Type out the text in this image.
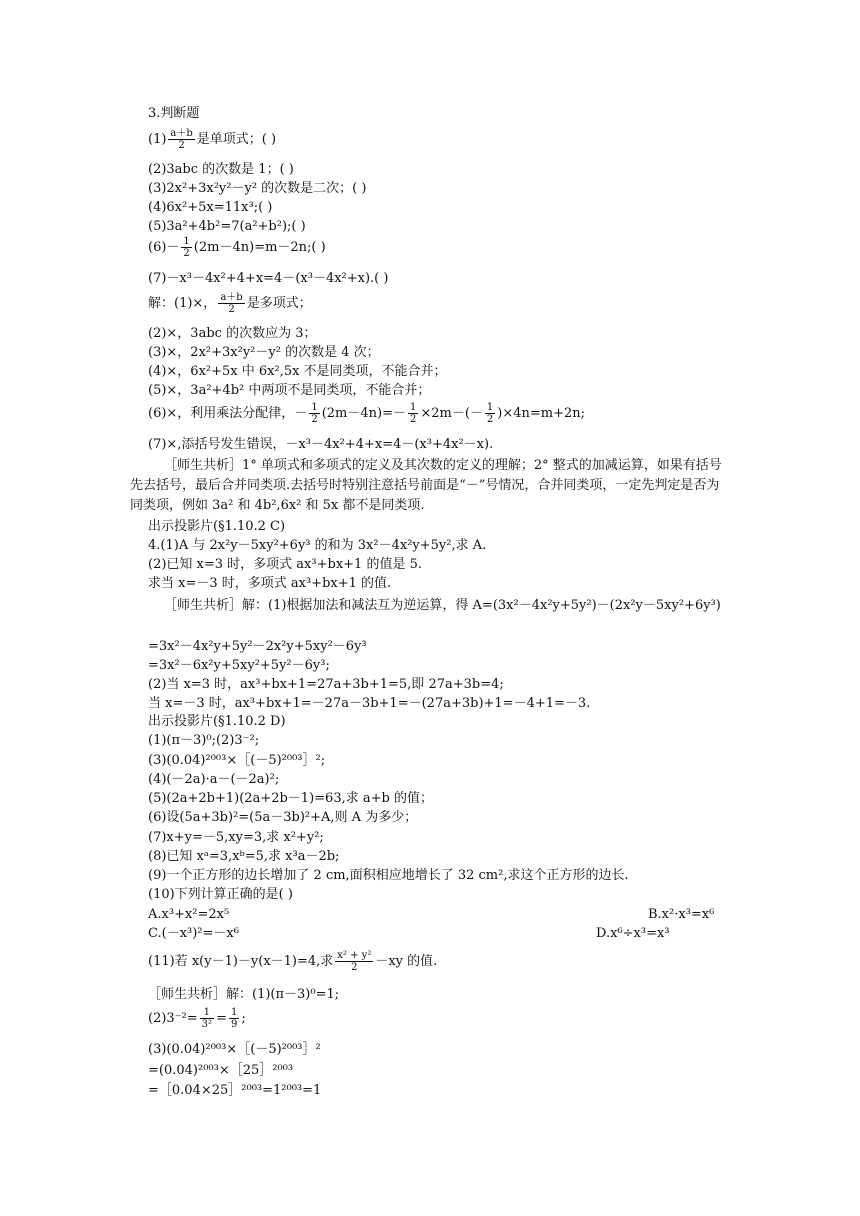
3.判断题
$(1) \frac{a+b}{2}$ 是单项式；( )
(2)3abc 的次数是 1；( )
(3)2x²+3x²y²－y² 的次数是二次；( )
(4)6x²+5x=11x³;( )
(5)3a²+4b²=7(a²+b²);( )
$(6)- \frac{1}{2}$ (2m－4n)=m－2n;( )
(7)－x³－4x²+4+x=4－(x³－4x²+x).( )
解：(1)×， $\frac{a+b}{2}$ 是多项式；
(2)×，3abc 的次数应为 3；
(3)×，2x²+3x²y²－y² 的次数是 4 次；
(4)×，6x²+5x 中 6x²,5x 不是同类项，不能合并；
(5)×，3a²+4b² 中两项不是同类项，不能合并；
(6)×，利用乘法分配律，－ $\frac{1}{2} (2m-4n)=- \frac{1}{2} \times 2m-(- \frac{1}{2} )\times 4n=m+2n$;
(7)×,添括号发生错误，－x³－4x²+4+x=4－(x³+4x²－x).
［师生共析］1° 单项式和多项式的定义及其次数的定义的理解；2° 整式的加减运算，如果有括号先去括号，最后合并同类项.去括号时特别注意括号前面是“－”号情况，合并同类项，一定先判定是否为同类项，例如 3a² 和 4b²,6x² 和 5x 都不是同类项.
出示投影片(§1.10.2 C)
4.(1)A 与 2x²y－5xy²+6y³ 的和为 3x²－4x²y+5y²,求 A.
(2)已知 x=3 时，多项式 ax³+bx+1 的值是 5.
求当 x=－3 时，多项式 ax³+bx+1 的值.
［师生共析］解：(1)根据加法和减法互为逆运算，得 A=(3x²－4x²y+5y²)－(2x²y－5xy²+6y³)
=3x²－4x²y+5y²－2x²y+5xy²－6y³
=3x²－6x²y+5xy²+5y²－6y³;
(2)当 x=3 时，ax³+bx+1=27a+3b+1=5,即 27a+3b=4;
当 x=－3 时，ax³+bx+1=－27a－3b+1=－(27a+3b)+1=－4+1=－3.
出示投影片(§1.10.2 D)
(1)(π－3)⁰;(2)3⁻²;
(3)(0.04)²⁰⁰³×［(－5)²⁰⁰³］²;
(4)(－2a)·a－(－2a)²;
(5)(2a+2b+1)(2a+2b－1)=63,求 a+b 的值；
(6)设(5a+3b)²=(5a－3b)²+A,则 A 为多少；
(7)x+y=－5,xy=3,求 x²+y²;
(8)已知 xᵃ=3,xᵇ=5,求 x³a－2b;
(9)一个正方形的边长增加了 2 cm,面积相应地增长了 32 cm²,求这个正方形的边长.
(10)下列计算正确的是( )
A.x³+x²=2x⁵	B.x²·x³=x⁶
C.(－x³)²=－x⁶	D.x⁶÷x³=x³
(11)若 x(y－1)－y(x－1)=4,求 $\frac{\text{x² + y²}}{2} -xy$ 的值.
［师生共析］解：(1)(π－3)⁰=1;
$(2)3^{-2}= \frac{1}{\text{3²}} = \frac{1}{9}$ ;
(3)(0.04)²⁰⁰³×［(－5)²⁰⁰³］²
=(0.04)²⁰⁰³×［25］²⁰⁰³
=［0.04×25］²⁰⁰³=1²⁰⁰³=1
